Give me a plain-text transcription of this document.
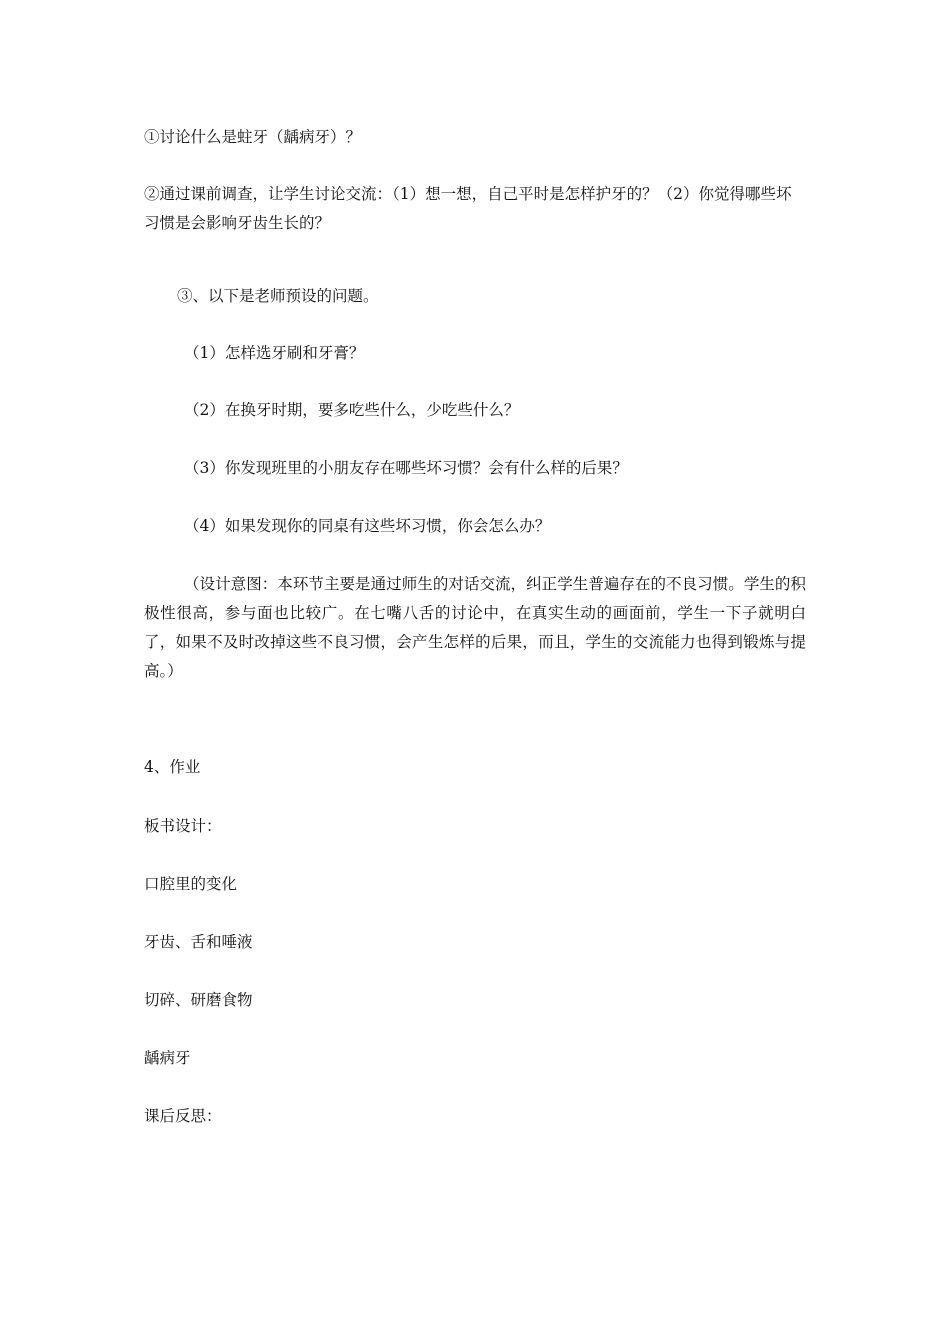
①讨论什么是蛀牙（龋病牙）？

②通过课前调查，让学生讨论交流：（1）想一想，自己平时是怎样护牙的？（2）你觉得哪些坏习惯是会影响牙齿生长的？

③、以下是老师预设的问题。

（1）怎样选牙刷和牙膏？

（2）在换牙时期，要多吃些什么，少吃些什么？

（3）你发现班里的小朋友存在哪些坏习惯？会有什么样的后果？

（4）如果发现你的同桌有这些坏习惯，你会怎么办？

（设计意图：本环节主要是通过师生的对话交流，纠正学生普遍存在的不良习惯。学生的积极性很高，参与面也比较广。在七嘴八舌的讨论中，在真实生动的画面前，学生一下子就明白了，如果不及时改掉这些不良习惯，会产生怎样的后果，而且，学生的交流能力也得到锻炼与提高。）

4、作业

板书设计：

口腔里的变化

牙齿、舌和唾液

切碎、研磨食物

龋病牙

课后反思：
